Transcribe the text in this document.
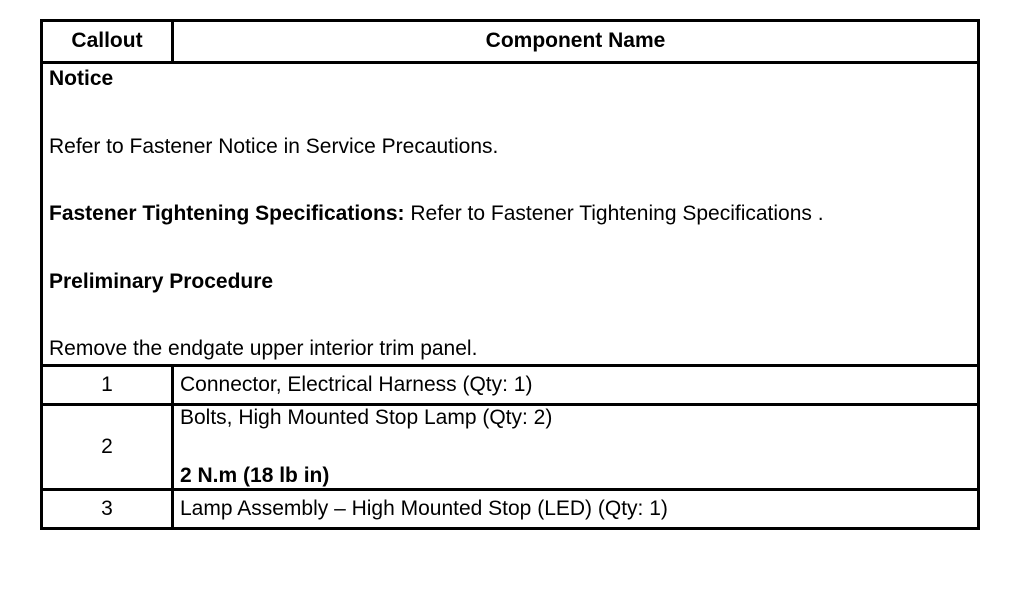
Callout	Component Name

Notice

Refer to Fastener Notice in Service Precautions.

Fastener Tightening Specifications: Refer to Fastener Tightening Specifications .

Preliminary Procedure

Remove the endgate upper interior trim panel.	

1	Connector, Electrical Harness (Qty: 1)
2	Bolts, High Mounted Stop Lamp (Qty: 2)
2 N.m (18 lb in)

3	Lamp Assembly – High Mounted Stop (LED) (Qty: 1)
